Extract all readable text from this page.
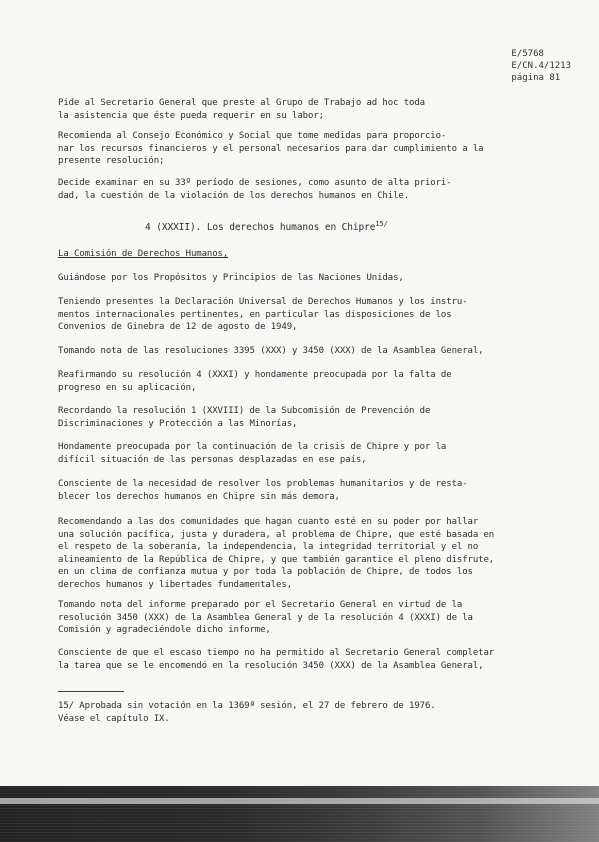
E/5768
E/CN.4/1213
página 81
Pide al Secretario General que preste al Grupo de Trabajo ad hoc toda
la asistencia que éste pueda requerir en su labor;
Recomienda al Consejo Económico y Social que tome medidas para proporcio-
nar los recursos financieros y el personal necesarios para dar cumplimiento a la
presente resolución;
Decide examinar en su 33º período de sesiones, como asunto de alta priori-
dad, la cuestión de la violación de los derechos humanos en Chile.
4 (XXXII). Los derechos humanos en Chipre$^{15/}$
La Comisión de Derechos Humanos,
Guiándose por los Propósitos y Principios de las Naciones Unidas,
Teniendo presentes la Declaración Universal de Derechos Humanos y los instru-
mentos internacionales pertinentes, en particular las disposiciones de los
Convenios de Ginebra de 12 de agosto de 1949,
Tomando nota de las resoluciones 3395 (XXX) y 3450 (XXX) de la Asamblea General,
Reafirmando su resolución 4 (XXXI) y hondamente preocupada por la falta de
progreso en su aplicación,
Recordando la resolución 1 (XXVIII) de la Subcomisión de Prevención de
Discriminaciones y Protección a las Minorías,
Hondamente preocupada por la continuación de la crisis de Chipre y por la
difícil situación de las personas desplazadas en ese país,
Consciente de la necesidad de resolver los problemas humanitarios y de resta-
blecer los derechos humanos en Chipre sin más demora,
Recomendando a las dos comunidades que hagan cuanto esté en su poder por hallar
una solución pacífica, justa y duradera, al problema de Chipre, que esté basada en
el respeto de la soberanía, la independencia, la integridad territorial y el no
alineamiento de la República de Chipre, y que también garantice el pleno disfrute,
en un clima de confianza mutua y por toda la población de Chipre, de todos los
derechos humanos y libertades fundamentales,
Tomando nota del informe preparado por el Secretario General en virtud de la
resolución 3450 (XXX) de la Asamblea General y de la resolución 4 (XXXI) de la
Comisión y agradeciéndole dicho informe,
Consciente de que el escaso tiempo no ha permitido al Secretario General completar
la tarea que se le encomendó en la resolución 3450 (XXX) de la Asamblea General,
15/ Aprobada sin votación en la 1369ª sesión, el 27 de febrero de 1976.
Véase el capítulo IX.
